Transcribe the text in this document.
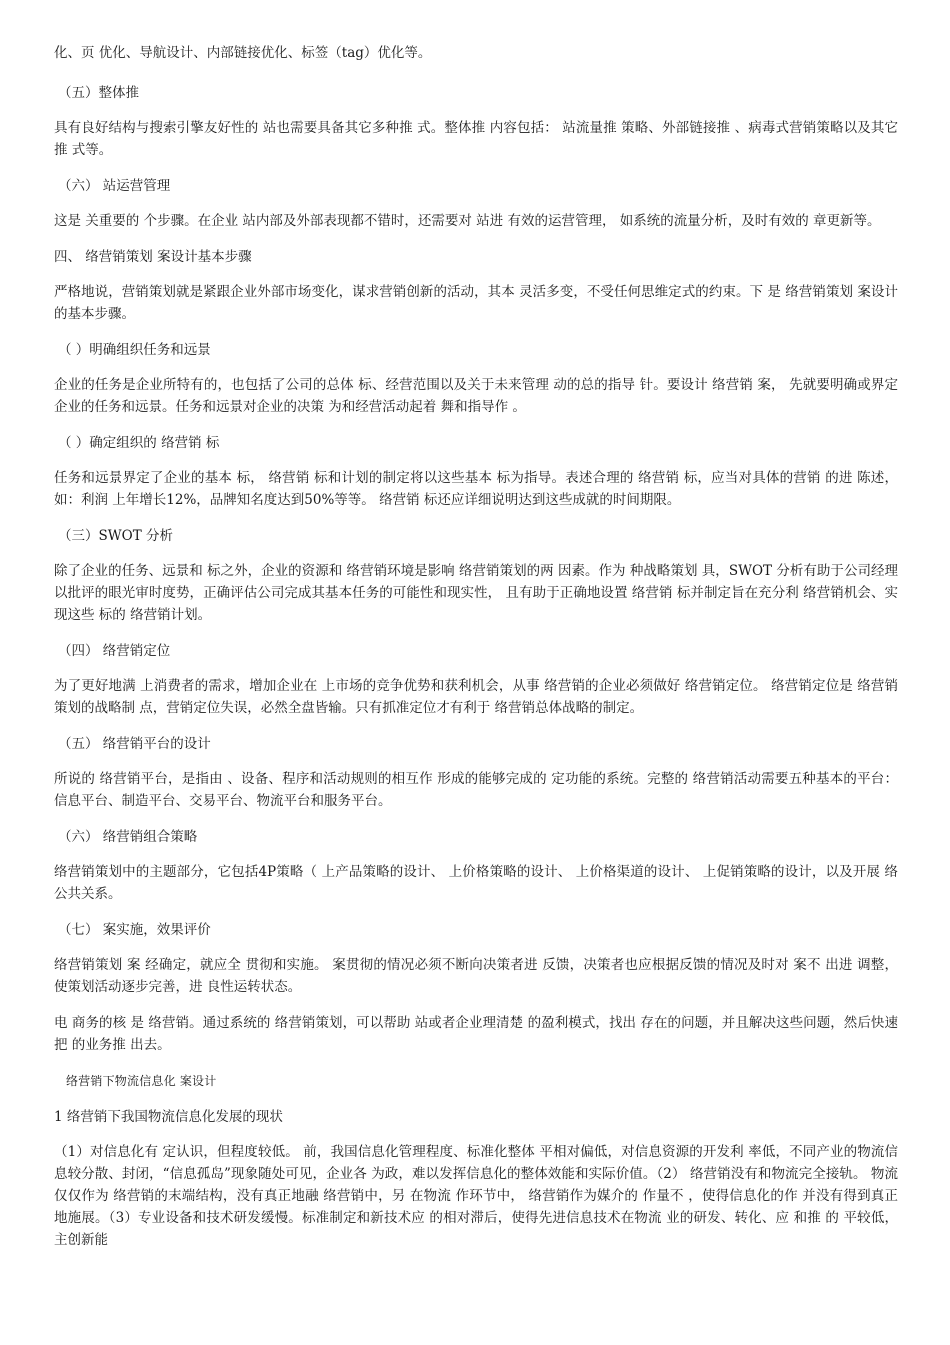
化、页 优化、导航设计、内部链接优化、标签（tag）优化等。

（五）整体推

具有良好结构与搜索引擎友好性的 站也需要具备其它多种推 式。整体推 内容包括： 站流量推 策略、外部链接推 、病毒式营销策略以及其它推 式等。

（六） 站运营管理

这是 关重要的 个步骤。在企业 站内部及外部表现都不错时，还需要对 站进 有效的运营管理， 如系统的流量分析，及时有效的 章更新等。

四、 络营销策划 案设计基本步骤

严格地说，营销策划就是紧跟企业外部市场变化，谋求营销创新的活动，其本 灵活多变，不受任何思维定式的约束。下 是 络营销策划 案设计的基本步骤。

（ ）明确组织任务和远景

企业的任务是企业所特有的，也包括了公司的总体 标、经营范围以及关于未来管理 动的总的指导 针。要设计 络营销 案， 先就要明确或界定企业的任务和远景。任务和远景对企业的决策 为和经营活动起着 舞和指导作 。

（ ）确定组织的 络营销 标

任务和远景界定了企业的基本 标， 络营销 标和计划的制定将以这些基本 标为指导。表述合理的 络营销 标，应当对具体的营销 的进 陈述，如：利润 上年增长12%，品牌知名度达到50%等等。 络营销 标还应详细说明达到这些成就的时间期限。

（三）SWOT 分析

除了企业的任务、远景和 标之外，企业的资源和 络营销环境是影响 络营销策划的两 因素。作为 种战略策划 具，SWOT 分析有助于公司经理以批评的眼光审时度势，正确评估公司完成其基本任务的可能性和现实性， 且有助于正确地设置 络营销 标并制定旨在充分利 络营销机会、实现这些 标的 络营销计划。

（四） 络营销定位

为了更好地满 上消费者的需求，增加企业在 上市场的竞争优势和获利机会，从事 络营销的企业必须做好 络营销定位。 络营销定位是 络营销策划的战略制 点，营销定位失误，必然全盘皆输。只有抓准定位才有利于 络营销总体战略的制定。

（五） 络营销平台的设计

所说的 络营销平台，是指由 、设备、程序和活动规则的相互作 形成的能够完成的 定功能的系统。完整的 络营销活动需要五种基本的平台：信息平台、制造平台、交易平台、物流平台和服务平台。

（六） 络营销组合策略

络营销策划中的主题部分，它包括4P策略（ 上产品策略的设计、 上价格策略的设计、 上价格渠道的设计、 上促销策略的设计，以及开展 络公共关系。

（七） 案实施，效果评价

络营销策划 案 经确定，就应全 贯彻和实施。 案贯彻的情况必须不断向决策者进 反馈，决策者也应根据反馈的情况及时对 案不 出进 调整，使策划活动逐步完善，进 良性运转状态。

电 商务的核 是 络营销。通过系统的 络营销策划，可以帮助 站或者企业理清楚 的盈利模式，找出 存在的问题，并且解决这些问题，然后快速把 的业务推 出去。

络营销下物流信息化 案设计

1 络营销下我国物流信息化发展的现状

（1）对信息化有 定认识，但程度较低。 前，我国信息化管理程度、标准化整体 平相对偏低，对信息资源的开发利 率低，不同产业的物流信息较分散、封闭，“信息孤岛”现象随处可见，企业各 为政，难以发挥信息化的整体效能和实际价值。（2） 络营销没有和物流完全接轨。 物流仅仅作为 络营销的末端结构，没有真正地融 络营销中，另 在物流 作环节中， 络营销作为媒介的 作量不 ，使得信息化的作 并没有得到真正地施展。（3）专业设备和技术研发缓慢。标准制定和新技术应 的相对滞后，使得先进信息技术在物流 业的研发、转化、应 和推 的 平较低， 主创新能
